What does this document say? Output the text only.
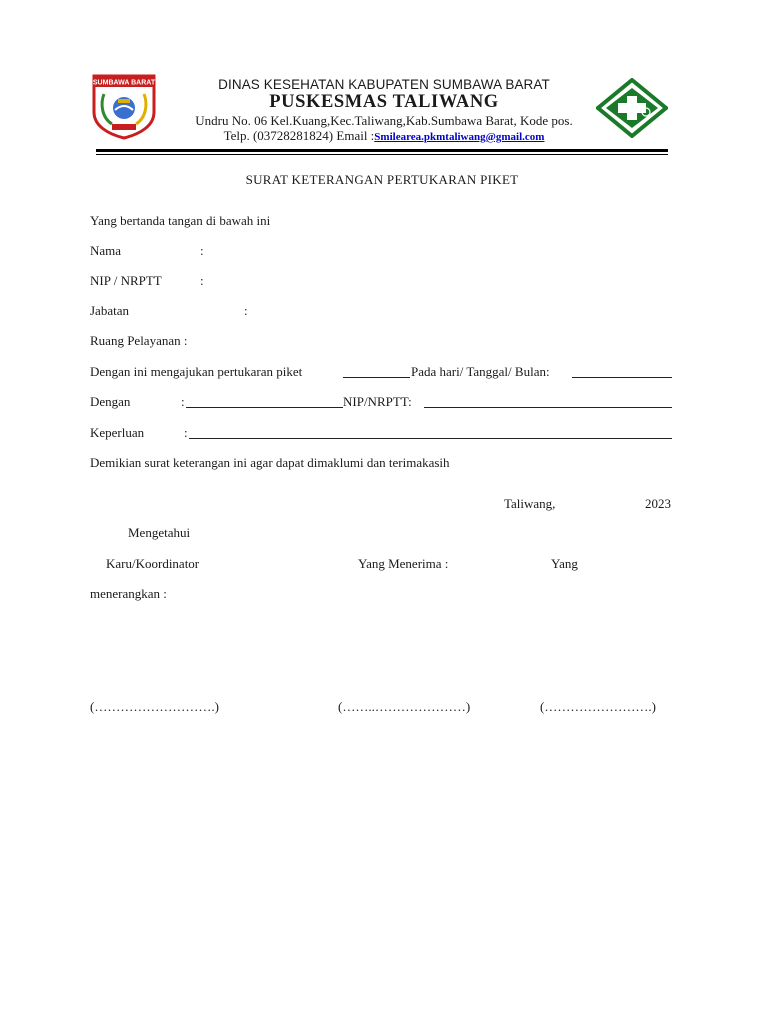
SUMBAWA BARAT	DINAS KESEHATAN KABUPATEN SUMBAWA BARAT
PUSKESMAS TALIWANG
Undru No. 06 Kel.Kuang,Kec.Taliwang,Kab.Sumbawa Barat, Kode pos.
Telp. (03728281824) Email :Smilearea.pkmtaliwang@gmail.com
SURAT KETERANGAN PERTUKARAN PIKET
Yang bertanda tangan di bawah ini
Nama	:
NIP / NRPTT	:
Jabatan	:
Ruang Pelayanan :
Dengan ini mengajukan pertukaran piket	Pada hari/ Tanggal/ Bulan:
Dengan	:	NIP/NRPTT:
Keperluan	:
Demikian surat keterangan ini agar dapat dimaklumi dan terimakasih
Taliwang,	2023
Mengetahui
Karu/Koordinator	Yang Menerima :	Yang
menerangkan :
(……………………….)	(……..…………………)	(…………………….)
